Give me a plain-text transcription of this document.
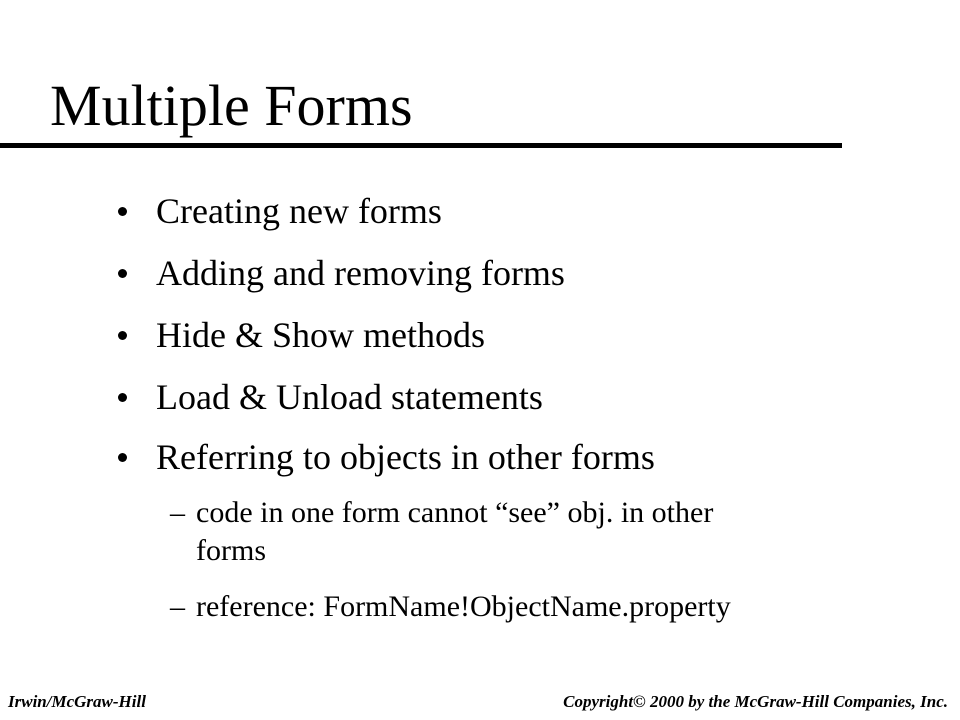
Multiple Forms
Creating new forms
Adding and removing forms
Hide & Show methods
Load & Unload statements
Referring to objects in other forms
– code in one form cannot “see” obj. in other
forms
– reference: FormName!ObjectName.property
Irwin/McGraw-Hill	Copyright© 2000 by the McGraw-Hill Companies, Inc.
